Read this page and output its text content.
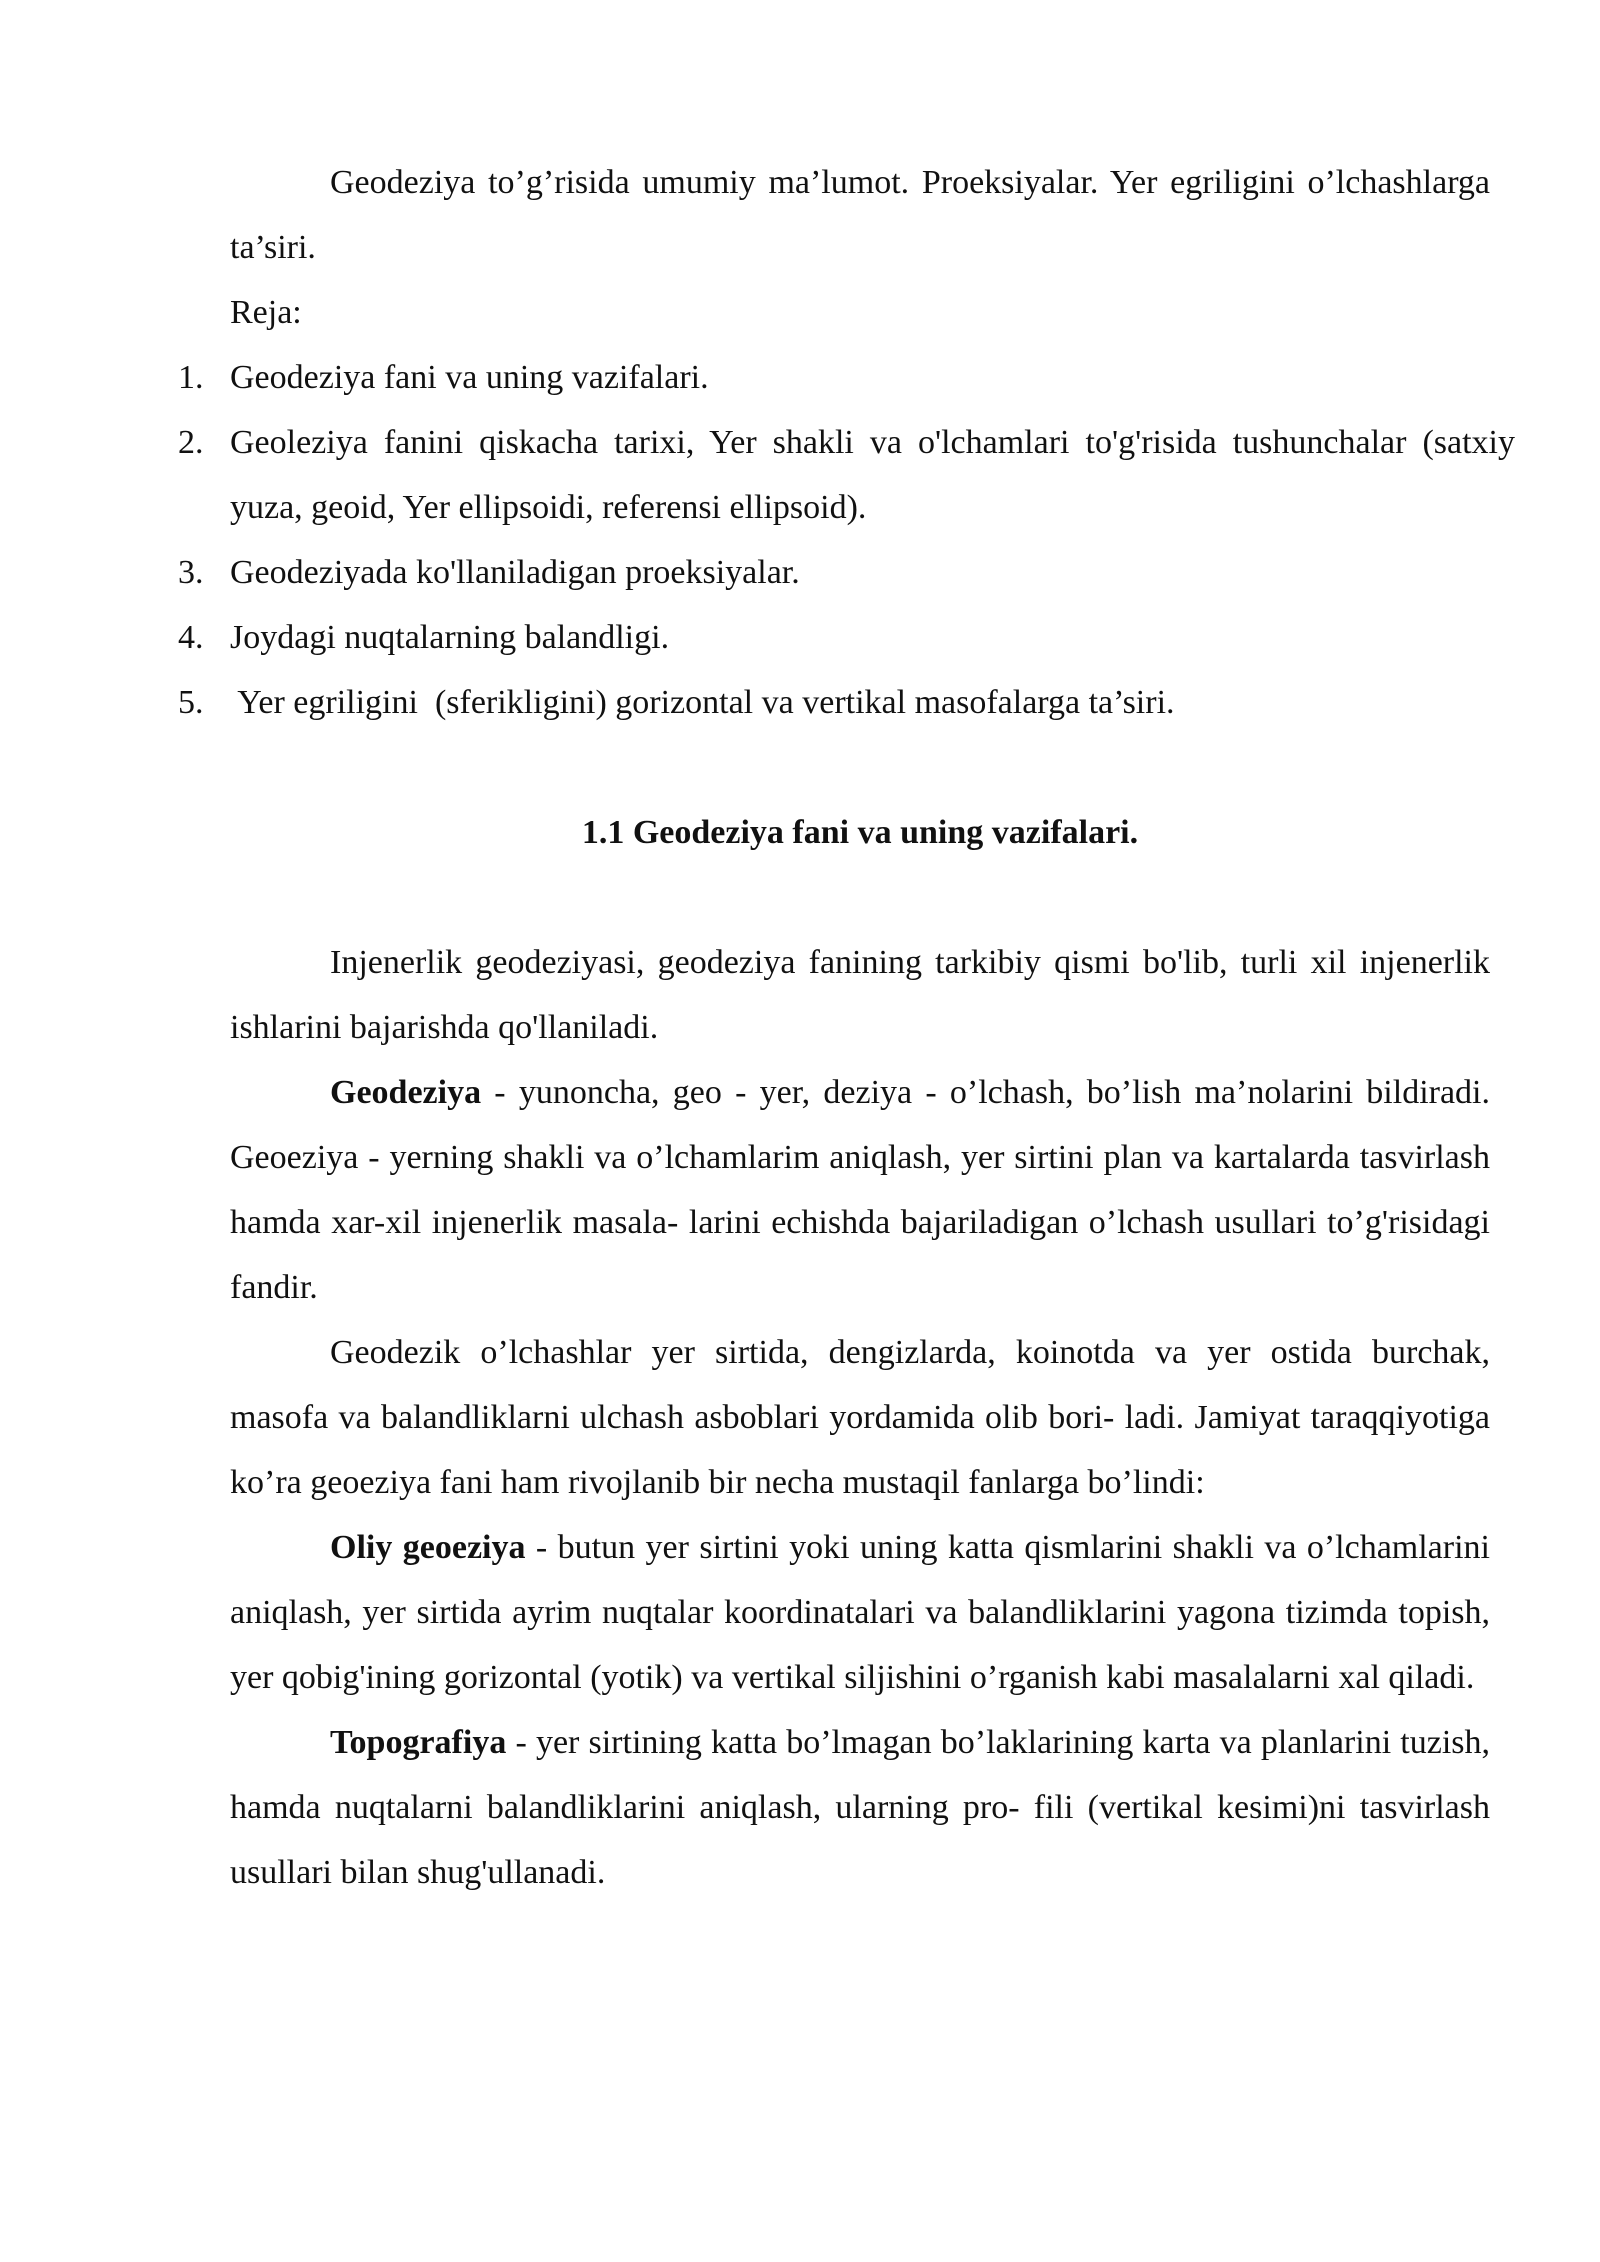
Geodeziya to’g’risida umumiy ma’lumot. Proeksiyalar. Yer egriligini o’lchashlarga ta’siri.

Reja:

1. Geodeziya fani va uning vazifalari.
2. Geoleziya fanini qiskacha tarixi, Yer shakli va o'lchamlari to'g'risida tushunchalar (satxiy yuza, geoid, Yer ellipsoidi, referensi ellipsoid).
3. Geodeziyada ko'llaniladigan proeksiyalar.
4. Joydagi nuqtalarning balandligi.
5. Yer egriligini  (sferikligini) gorizontal va vertikal masofalarga ta’siri.
1.1 Geodeziya fani va uning vazifalari.

Injenerlik geodeziyasi, geodeziya fanining tarkibiy qismi bo'lib, turli xil injenerlik ishlarini bajarishda qo'llaniladi.

Geodeziya - yunoncha, geo - yer, deziya - o’lchash, bo’lish ma’nolarini bildiradi. Geoeziya - yerning shakli va o’lchamlarim aniqlash, yer sirtini plan va kartalarda tasvirlash hamda xar-xil injenerlik masala- larini echishda bajariladigan o’lchash usullari to’g'risidagi fandir.

Geodezik o’lchashlar yer sirtida, dengizlarda, koinotda va yer ostida burchak, masofa va balandliklarni ulchash asboblari yordamida olib bori- ladi. Jamiyat taraqqiyotiga ko’ra geoeziya fani ham rivojlanib bir necha mustaqil fanlarga bo’lindi:

Oliy geoeziya - butun yer sirtini yoki uning katta qismlarini shakli va o’lchamlarini aniqlash, yer sirtida ayrim nuqtalar koordinatalari va balandliklarini yagona tizimda topish, yer qobig'ining gorizontal (yotik) va vertikal siljishini o’rganish kabi masalalarni xal qiladi.

Topografiya - yer sirtining katta bo’lmagan bo’laklarining karta va planlarini tuzish, hamda nuqtalarni balandliklarini aniqlash, ularning pro- fili (vertikal kesimi)ni tasvirlash usullari bilan shug'ullanadi.
